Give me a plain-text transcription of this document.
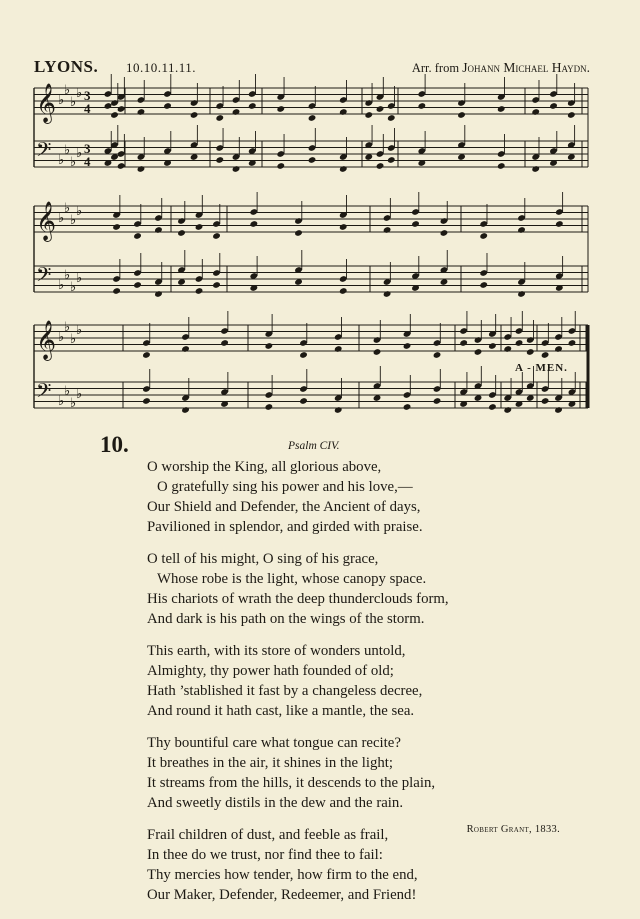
LYONS. 10.10.11.11.	Arr. from Johann Michael Haydn.
𝄞 ♭
♭
♭
♭ 3
4
𝄢 ♭
♭
♭
♭ 3
4
𝄞 ♭
♭
♭
♭
𝄢 ♭
♭
♭
♭
𝄞 ♭
♭
♭
♭
𝄢 ♭
♭
♭
♭
A - MEN.
10.	Psalm CIV.
O worship the King, all glorious above,
O gratefully sing his power and his love,—
Our Shield and Defender, the Ancient of days,
Pavilioned in splendor, and girded with praise.
O tell of his might, O sing of his grace,
Whose robe is the light, whose canopy space.
His chariots of wrath the deep thunderclouds form,
And dark is his path on the wings of the storm.
This earth, with its store of wonders untold,
Almighty, thy power hath founded of old;
Hath ’stablished it fast by a changeless decree,
And round it hath cast, like a mantle, the sea.
Thy bountiful care what tongue can recite?
It breathes in the air, it shines in the light;
It streams from the hills, it descends to the plain,
And sweetly distils in the dew and the rain.
Frail children of dust, and feeble as frail,
In thee do we trust, nor find thee to fail:
Thy mercies how tender, how firm to the end,
Our Maker, Defender, Redeemer, and Friend!
Robert Grant, 1833.
